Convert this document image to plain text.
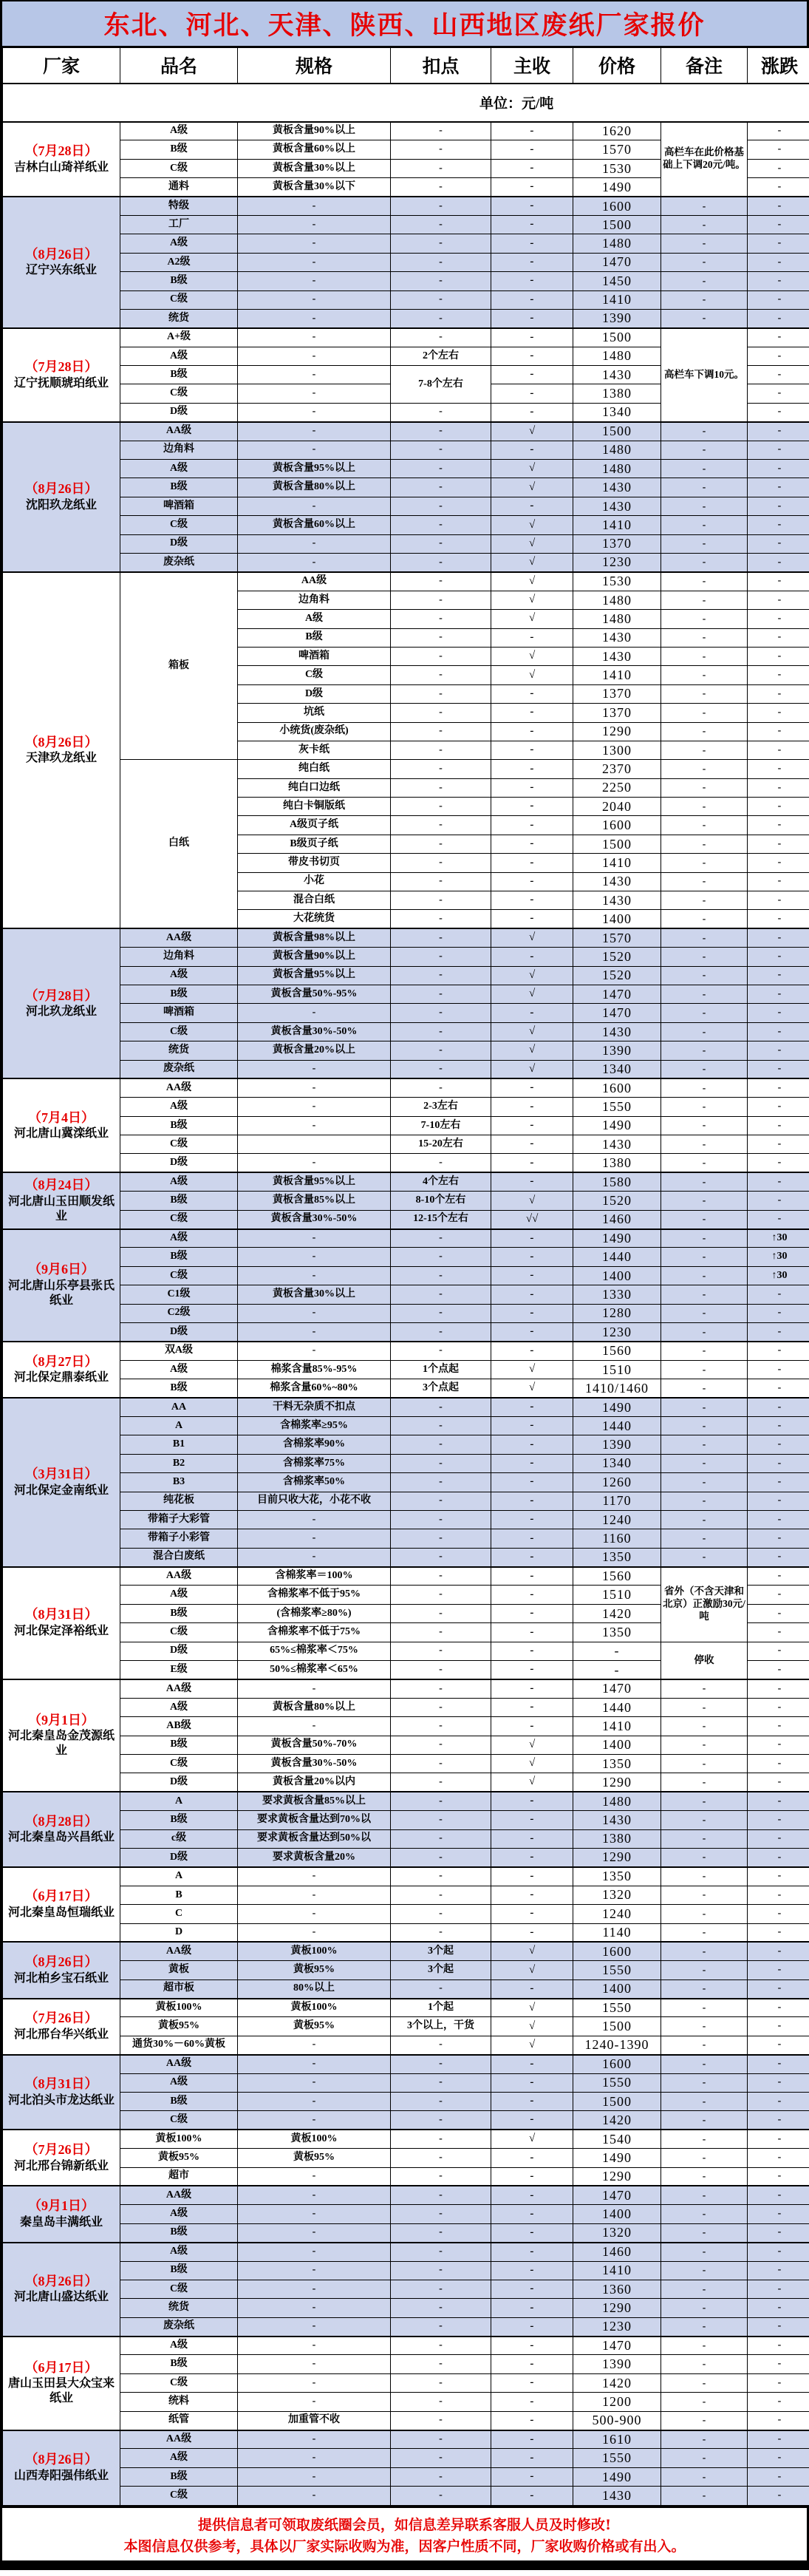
东北、河北、天津、陕西、山西地区废纸厂家报价
厂家	品名	规格	扣点	主收	价格	备注	涨跌
单位：元/吨							

（7月28日）
吉林白山琦祥纸业	A级	黄板含量90%以上	-	-	1620	高栏车在此价格基础上下调20元/吨。	-
	B级	黄板含量60%以上	-	-	1570		-
	C级	黄板含量30%以上	-	-	1530		-
	通料	黄板含量30%以下	-	-	1490		-

（8月26日）
辽宁兴东纸业	特级	-	-	-	1600	-	-
	工厂	-	-	-	1500	-	-
	A级	-	-	-	1480	-	-
	A2级	-	-	-	1470	-	-
	B级	-	-	-	1450	-	-
	C级	-	-	-	1410	-	-
	统货	-	-	-	1390	-	-

（7月28日）
辽宁抚顺琥珀纸业	A+级	-	-	-	1500	高栏车下调10元。	-
	A级	-	2个左右	-	1480		-
	B级	-	7-8个左右	-	1430		-
	C级	-		-	1380		-
	D级	-	-	-	1340		-

（8月26日）
沈阳玖龙纸业	AA级	-	-	√	1500	-	-
	边角料	-	-	-	1480	-	-
	A级	黄板含量95%以上	-	√	1480	-	-
	B级	黄板含量80%以上	-	√	1430	-	-
	啤酒箱	-	-	-	1430	-	-
	C级	黄板含量60%以上	-	√	1410	-	-
	D级	-	-	√	1370	-	-
	废杂纸	-	-	√	1230	-	-

（8月26日）
天津玖龙纸业	箱板	AA级	-	√	1530	-	-
		边角料	-	√	1480	-	-
		A级	-	√	1480	-	-
		B级	-	-	1430	-	-
		啤酒箱	-	√	1430	-	-
		C级	-	√	1410	-	-
		D级	-	-	1370	-	-
		坑纸	-	-	1370	-	-
		小统货(废杂纸)	-	-	1290	-	-
		灰卡纸	-	-	1300	-	-
	白纸	纯白纸	-	-	2370	-	-
		纯白口边纸	-	-	2250	-	-
		纯白卡铜版纸	-	-	2040	-	-
		A级页子纸	-	-	1600	-	-
		B级页子纸	-	-	1500	-	-
		带皮书切页	-	-	1410	-	-
		小花	-	-	1430	-	-
		混合白纸	-	-	1430	-	-
		大花统货	-	-	1400	-	-

（7月28日）
河北玖龙纸业	AA级	黄板含量98%以上	-	√	1570	-	-
	边角料	黄板含量90%以上	-	-	1520	-	-
	A级	黄板含量95%以上	-	√	1520	-	-
	B级	黄板含量50%-95%	-	√	1470	-	-
	啤酒箱	-	-	-	1470	-	-
	C级	黄板含量30%-50%	-	√	1430	-	-
	统货	黄板含量20%以上	-	√	1390	-	-
	废杂纸	-	-	√	1340	-	-

（7月4日）
河北唐山冀滦纸业	AA级	-	-	-	1600	-	-
	A级	-	2-3左右	-	1550	-	-
	B级	-	7-10左右	-	1490	-	-
	C级		15-20左右	-	1430	-	-
	D级	-	-	-	1380	-	-

（8月24日）
河北唐山玉田顺发纸业	A级	黄板含量95%以上	4个左右	-	1580	-	-
	B级	黄板含量85%以上	8-10个左右	√	1520	-	-
	C级	黄板含量30%-50%	12-15个左右	√√	1460	-	-

（9月6日）
河北唐山乐亭县张氏纸业	A级	-	-	-	1490	-	↑30
	B级	-	-	-	1440	-	↑30
	C级	-	-	-	1400	-	↑30
	C1级	黄板含量30%以上	-	-	1330	-	-
	C2级	-	-	-	1280	-	-
	D级	-	-	-	1230	-	-

（8月27日）
河北保定鼎泰纸业	双A级	-	-	-	1560	-	-
	A级	棉浆含量85%-95%	1个点起	√	1510	-	-
	B级	棉浆含量60%~80%	3个点起	√	1410/1460	-	-

（3月31日）
河北保定金南纸业	AA	干料无杂质不扣点	-	-	1490	-	-
	A	含棉浆率≥95%	-	-	1440	-	-
	B1	含棉浆率90%	-	-	1390	-	-
	B2	含棉浆率75%	-	-	1340	-	-
	B3	含棉浆率50%	-	-	1260	-	-
	纯花板	目前只收大花，小花不收	-	-	1170	-	-
	带箱子大彩管	-	-	-	1240	-	-
	带箱子小彩管	-	-	-	1160	-	-
	混合白废纸	-	-	-	1350	-	-

（8月31日）
河北保定泽裕纸业	AA级	含棉浆率＝100%	-	-	1560	省外（不含天津和北京）正激励30元/吨	-
	A级	含棉浆率不低于95%	-	-	1510		-
	B级	(含棉浆率≥80%)	-	-	1420		-
	C级	含棉浆率不低于75%	-	-	1350		-
	D级	65%≤棉浆率＜75%	-	-	-	停收	-
	E级	50%≤棉浆率＜65%	-	-	-		-

（9月1日）
河北秦皇岛金茂源纸业	AA级	-	-	-	1470	-	-
	A级	黄板含量80%以上	-	-	1440	-	-
	AB级	-	-	-	1410	-	-
	B级	黄板含量50%-70%	-	√	1400	-	-
	C级	黄板含量30%-50%	-	√	1350	-	-
	D级	黄板含量20%以内	-	√	1290	-	-

（8月28日）
河北秦皇岛兴昌纸业	A	要求黄板含量85%以上	-	-	1480	-	-
	B级	要求黄板含量达到70%以	-	-	1430	-	-
	c级	要求黄板含量达到50%以	-	-	1380	-	-
	D级	要求黄板含量20%	-	-	1290	-	-

（6月17日）
河北秦皇岛恒瑞纸业	A	-	-	-	1350	-	-
	B	-	-	-	1320	-	-
	C	-	-	-	1240	-	-
	D	-	-	-	1140	-	-

（8月26日）
河北柏乡宝石纸业	AA级	黄板100%	3个起	√	1600	-	-
	黄板	黄板95%	3个起	√	1550	-	-
	超市板	80%以上	-	-	1400	-	-

（7月26日）
河北邢台华兴纸业	黄板100%	黄板100%	1个起	√	1550	-	-
	黄板95%	黄板95%	3个以上，干货	√	1500	-	-
	通货30%－60%黄板	-	-	√	1240-1390	-	-

（8月31日）
河北泊头市龙达纸业	AA级	-	-	-	1600	-	-
	A级	-	-	-	1550	-	-
	B级	-	-	-	1500	-	-
	C级	-	-	-	1420	-	-

（7月26日）
河北邢台锦新纸业	黄板100%	黄板100%	-	√	1540	-	-
	黄板95%	黄板95%	-	-	1490	-	-
	超市	-	-	-	1290	-	-

（9月1日）
秦皇岛丰满纸业	AA级	-	-	-	1470	-	-
	A级	-	-	-	1400	-	-
	B级	-	-	-	1320	-	-

（8月26日）
河北唐山盛达纸业	A级	-	-	-	1460	-	-
	B级	-	-	-	1410	-	-
	C级	-	-	-	1360	-	-
	统货	-	-	-	1290	-	-
	废杂纸	-	-	-	1230	-	-

（6月17日）
唐山玉田县大众宝来纸业	A级	-	-	-	1470	-	-
	B级	-	-	-	1390	-	-
	C级	-	-	-	1420	-	-
	统料	-	-	-	1200	-	-
	纸管	加重管不收	-	-	500-900	-	-

（8月26日）
山西寿阳强伟纸业	AA级	-	-	-	1610	-	-
	A级	-	-	-	1550	-	-
	B级	-	-	-	1490	-	-
	C级	-	-	-	1430	-	-

提供信息者可领取废纸圈会员，如信息差异联系客服人员及时修改!

本图信息仅供参考，具体以厂家实际收购为准，因客户性质不同，厂家收购价格或有出入。
